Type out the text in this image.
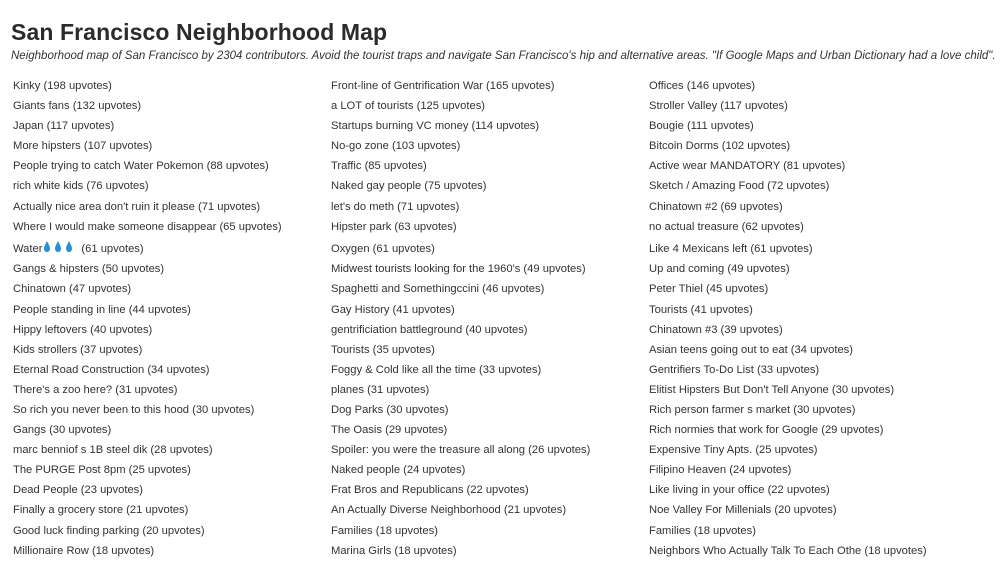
San Francisco Neighborhood Map
Neighborhood map of San Francisco by 2304 contributors. Avoid the tourist traps and navigate San Francisco's hip and alternative areas. "If Google Maps and Urban Dictionary had a love child".
Kinky (198 upvotes)
Giants fans (132 upvotes)
Japan (117 upvotes)
More hipsters (107 upvotes)
People trying to catch Water Pokemon (88 upvotes)
rich white kids (76 upvotes)
Actually nice area don't ruin it please (71 upvotes)
Where I would make someone disappear (65 upvotes)
Water	(61 upvotes)
Gangs & hipsters (50 upvotes)
Chinatown (47 upvotes)
People standing in line (44 upvotes)
Hippy leftovers (40 upvotes)
Kids strollers (37 upvotes)
Eternal Road Construction (34 upvotes)
There's a zoo here? (31 upvotes)
So rich you never been to this hood (30 upvotes)
Gangs (30 upvotes)
marc benniof s 1B steel dik (28 upvotes)
The PURGE Post 8pm (25 upvotes)
Dead People (23 upvotes)
Finally a grocery store (21 upvotes)
Good luck finding parking (20 upvotes)
Millionaire Row (18 upvotes)
Front-line of Gentrification War (165 upvotes)
a LOT of tourists (125 upvotes)
Startups burning VC money (114 upvotes)
No-go zone (103 upvotes)
Traffic (85 upvotes)
Naked gay people (75 upvotes)
let's do meth (71 upvotes)
Hipster park (63 upvotes)
Oxygen (61 upvotes)
Midwest tourists looking for the 1960's (49 upvotes)
Spaghetti and Somethingccini (46 upvotes)
Gay History (41 upvotes)
gentrificiation battleground (40 upvotes)
Tourists (35 upvotes)
Foggy & Cold like all the time (33 upvotes)
planes (31 upvotes)
Dog Parks (30 upvotes)
The Oasis (29 upvotes)
Spoiler: you were the treasure all along (26 upvotes)
Naked people (24 upvotes)
Frat Bros and Republicans (22 upvotes)
An Actually Diverse Neighborhood (21 upvotes)
Families (18 upvotes)
Marina Girls (18 upvotes)
Offices (146 upvotes)
Stroller Valley (117 upvotes)
Bougie (111 upvotes)
Bitcoin Dorms (102 upvotes)
Active wear MANDATORY (81 upvotes)
Sketch / Amazing Food (72 upvotes)
Chinatown #2 (69 upvotes)
no actual treasure (62 upvotes)
Like 4 Mexicans left (61 upvotes)
Up and coming (49 upvotes)
Peter Thiel (45 upvotes)
Tourists (41 upvotes)
Chinatown #3 (39 upvotes)
Asian teens going out to eat (34 upvotes)
Gentrifiers To-Do List (33 upvotes)
Elitist Hipsters But Don't Tell Anyone (30 upvotes)
Rich person farmer s market (30 upvotes)
Rich normies that work for Google (29 upvotes)
Expensive Tiny Apts. (25 upvotes)
Filipino Heaven (24 upvotes)
Like living in your office (22 upvotes)
Noe Valley For Millenials (20 upvotes)
Families (18 upvotes)
Neighbors Who Actually Talk To Each Othe (18 upvotes)
